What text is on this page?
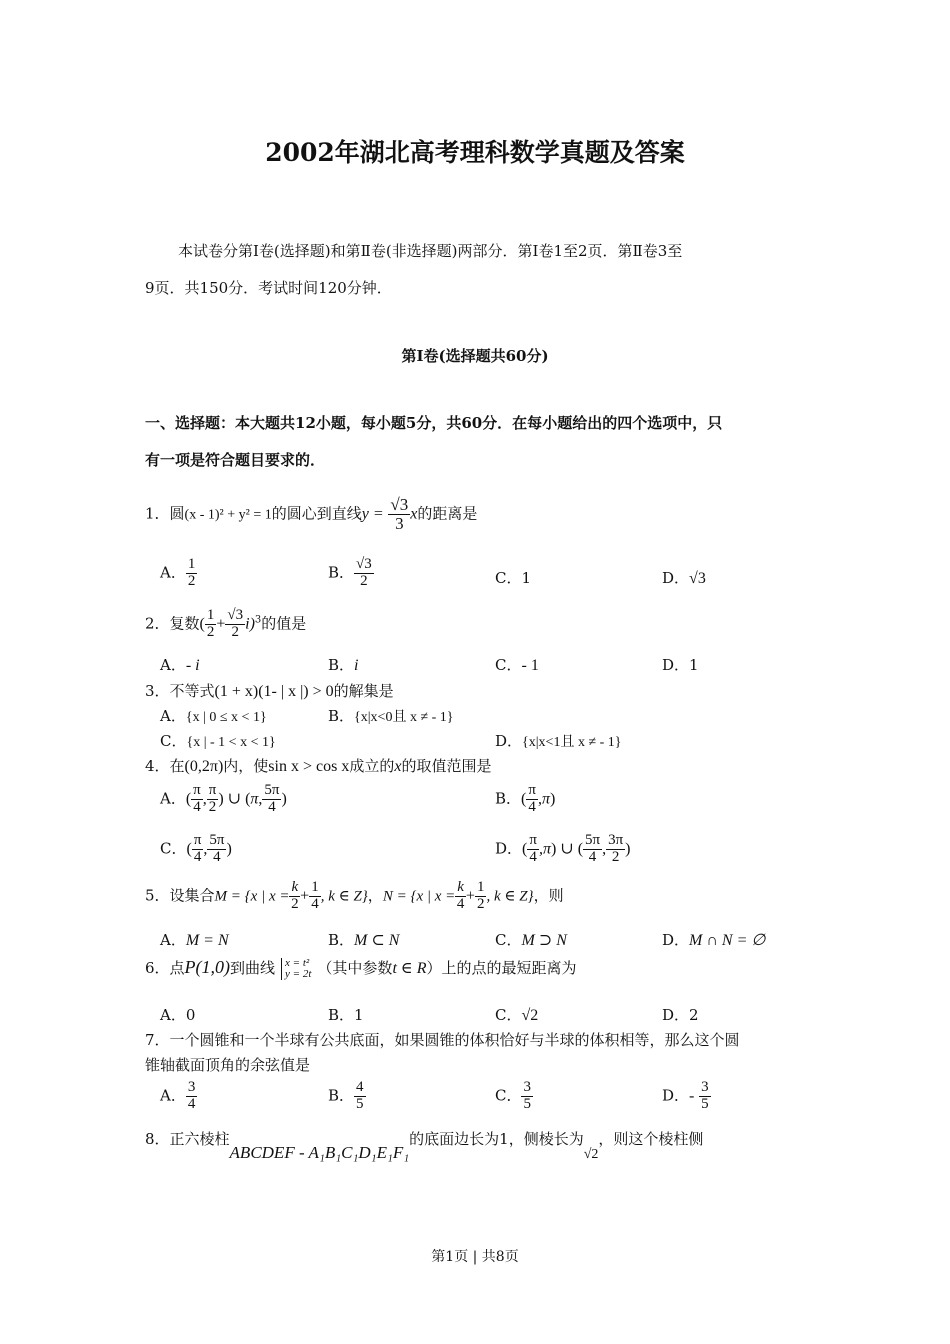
2002年湖北高考理科数学真题及答案
本试卷分第Ⅰ卷(选择题)和第Ⅱ卷(非选择题)两部分．第Ⅰ卷1至2页．第Ⅱ卷3至
9页．共150分．考试时间120分钟．
第Ⅰ卷(选择题共60分)
一、选择题：本大题共12小题，每小题5分，共60分．在每小题给出的四个选项中，只
有一项是符合题目要求的．
1．圆(x - 1)² + y² = 1的圆心到直线$y = \frac{√3}{3}$ x的距离是
A． $\frac{1}{2}$	B． $\frac{√3}{2}$	C．1	D．√3
2．复数( $\frac{1}{2} + \frac{√3}{2} i)^3$的值是
A．- i	B．i	C．- 1	D．1
3．不等式(1 + x)(1- | x |) > 0的解集是
A．{x | 0 ≤ x < 1}	B．{x|x<0且 x ≠ - 1}
C．{x | - 1 < x < 1}	D．{x|x<1且 x ≠ - 1}
4．在(0,2π)内，使sin x > cos x成立的x的取值范围是
A．( $\frac{\pi}{4}$ , $\frac{\pi}{2}$ ) ∪ (π, $\frac{5\pi}{4}$ )	B．( $\frac{\pi}{4} ,\pi$)
C．( $\frac{\pi}{4}$ , $\frac{5\pi}{4}$ )	D．( $\frac{\pi}{4} ,\pi$) ∪ ( $\frac{5\pi}{4}$ , $\frac{3\pi}{2}$ )
5．设集合M = {x | $x = \frac{k}{2} + \frac{1}{4}$ , k ∈ Z}，N = {x | $x = \frac{k}{4} + \frac{1}{2}$ , k ∈ Z}，则
A．M = N	B．M ⊂ N	C．M ⊃ N	D．M ∩ N = ∅
6．点P(1,0)到曲线 x = t²
y = 2t （其中参数t ∈ R）上的点的最短距离为
A．0	B．1	C．√2	D．2
7．一个圆锥和一个半球有公共底面，如果圆锥的体积恰好与半球的体积相等，那么这个圆
锥轴截面顶角的余弦值是
A． $\frac{3}{4}$	B． $\frac{4}{5}$	C． $\frac{3}{5}$	D．- $\frac{3}{5}$
8．正六棱柱ABCDEF - A₁B₁C₁D₁E₁F₁的底面边长为1，侧棱长为√2，则这个棱柱侧
第1页 | 共8页
